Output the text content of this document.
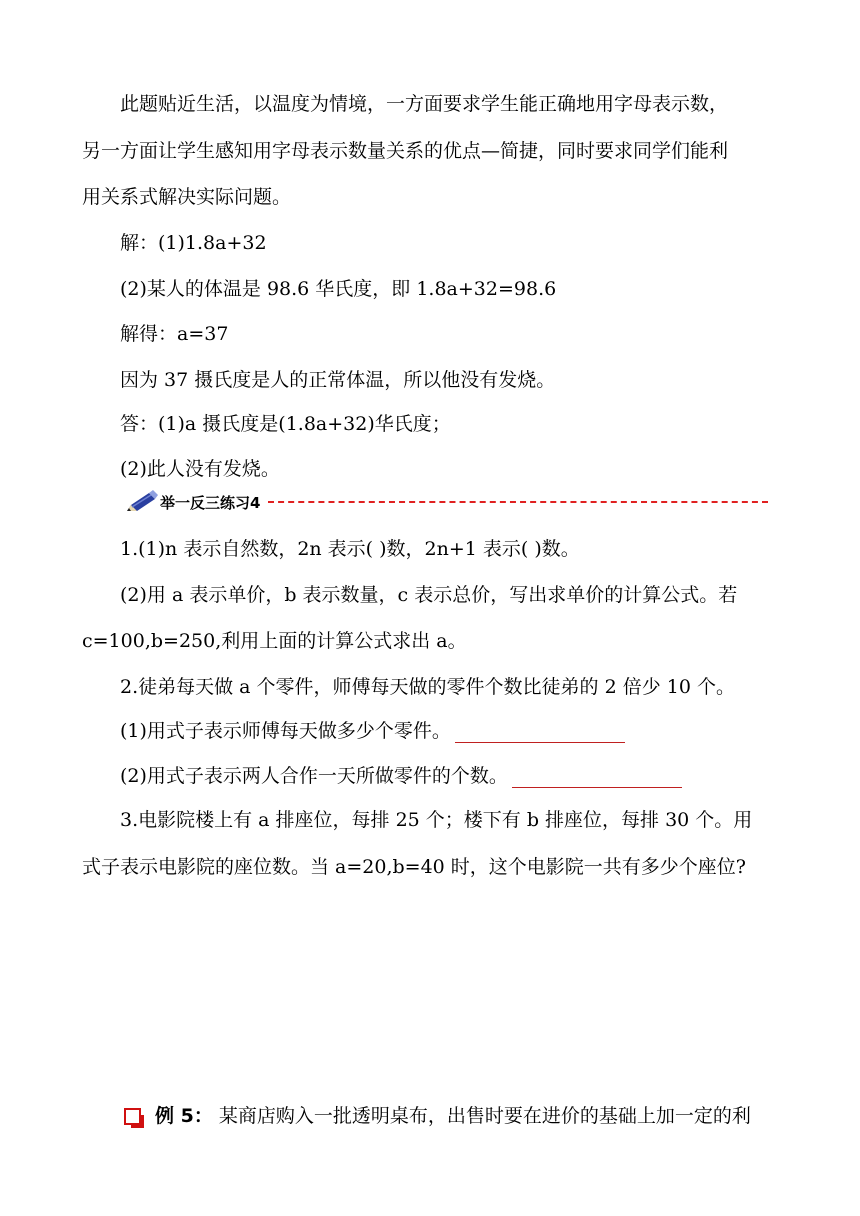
此题贴近生活，以温度为情境，一方面要求学生能正确地用字母表示数，
另一方面让学生感知用字母表示数量关系的优点—简捷，同时要求同学们能利
用关系式解决实际问题。
解：(1)1.8a+32
(2)某人的体温是 98.6 华氏度，即 1.8a+32=98.6
解得：a=37
因为 37 摄氏度是人的正常体温，所以他没有发烧。
答：(1)a 摄氏度是(1.8a+32)华氏度；
(2)此人没有发烧。
举一反三练习4
1.(1)n 表示自然数，2n 表示( )数，2n+1 表示( )数。
(2)用 a 表示单价，b 表示数量，c 表示总价，写出求单价的计算公式。若
c=100,b=250,利用上面的计算公式求出 a。
2.徒弟每天做 a 个零件，师傅每天做的零件个数比徒弟的 2 倍少 10 个。
(1)用式子表示师傅每天做多少个零件。
(2)用式子表示两人合作一天所做零件的个数。
3.电影院楼上有 a 排座位，每排 25 个；楼下有 b 排座位，每排 30 个。用
式子表示电影院的座位数。当 a=20,b=40 时，这个电影院一共有多少个座位?
例 5： 某商店购入一批透明桌布，出售时要在进价的基础上加一定的利
